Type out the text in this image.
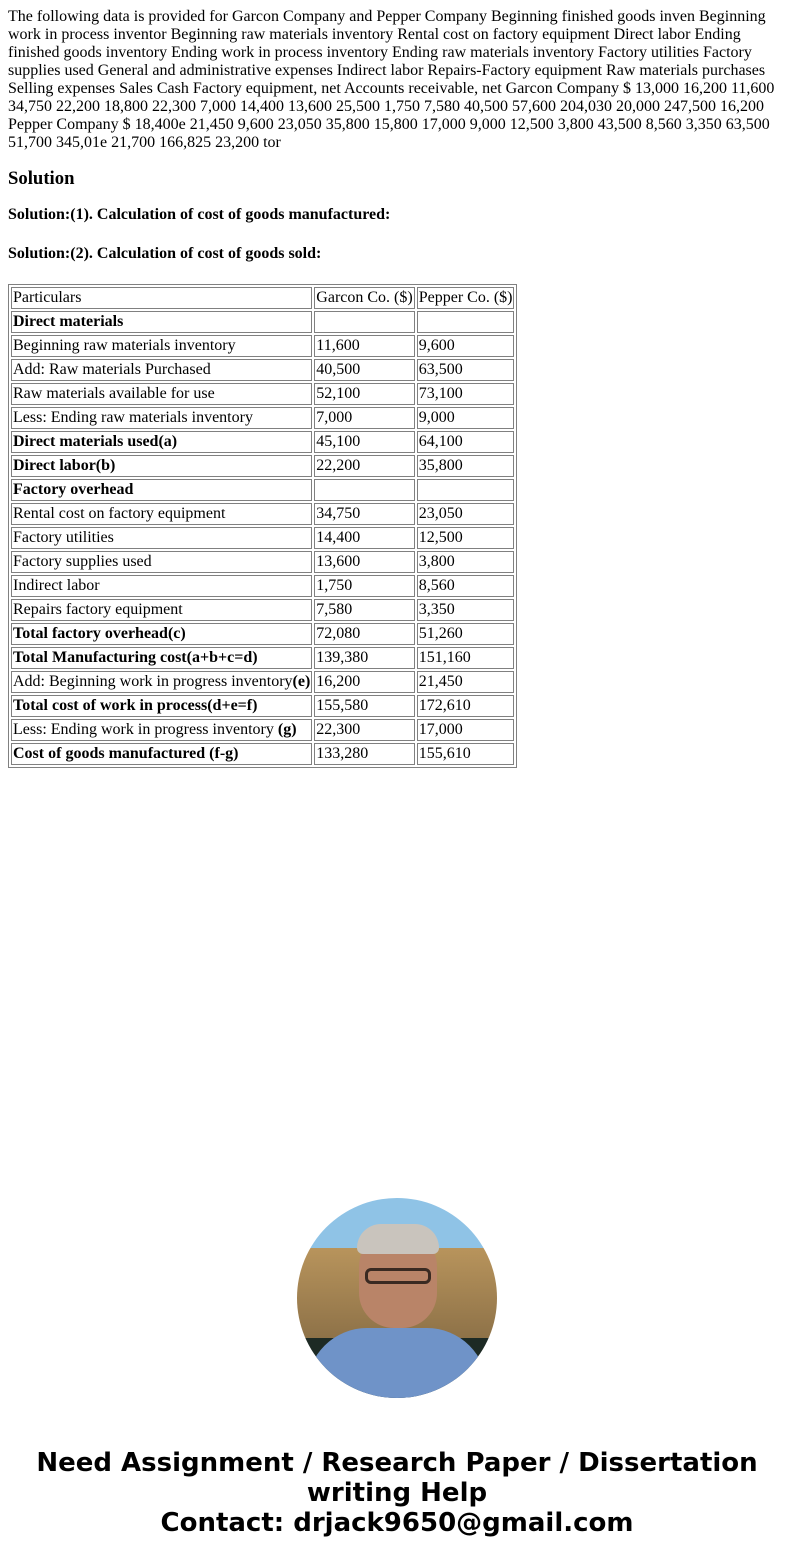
The following data is provided for Garcon Company and Pepper Company Beginning finished goods inven Beginning work in process inventor Beginning raw materials inventory Rental cost on factory equipment Direct labor Ending finished goods inventory Ending work in process inventory Ending raw materials inventory Factory utilities Factory supplies used General and administrative expenses Indirect labor Repairs-Factory equipment Raw materials purchases Selling expenses Sales Cash Factory equipment, net Accounts receivable, net Garcon Company $ 13,000 16,200 11,600 34,750 22,200 18,800 22,300 7,000 14,400 13,600 25,500 1,750 7,580 40,500 57,600 204,030 20,000 247,500 16,200 Pepper Company $ 18,400e 21,450 9,600 23,050 35,800 15,800 17,000 9,000 12,500 3,800 43,500 8,560 3,350 63,500 51,700 345,01e 21,700 166,825 23,200 tor

Solution
Solution:(1). Calculation of cost of goods manufactured:
Solution:(2). Calculation of cost of goods sold:
Particulars	Garcon Co. ($)	Pepper Co. ($)
Direct materials		
Beginning raw materials inventory	11,600	9,600
Add: Raw materials Purchased	40,500	63,500
Raw materials available for use	52,100	73,100
Less: Ending raw materials inventory	7,000	9,000
Direct materials used(a)	45,100	64,100
Direct labor(b)	22,200	35,800
Factory overhead		
Rental cost on factory equipment	34,750	23,050
Factory utilities	14,400	12,500
Factory supplies used	13,600	3,800
Indirect labor	1,750	8,560
Repairs factory equipment	7,580	3,350
Total factory overhead(c)	72,080	51,260
Total Manufacturing cost(a+b+c=d)	139,380	151,160
Add: Beginning work in progress inventory(e)	16,200	21,450
Total cost of work in process(d+e=f)	155,580	172,610
Less: Ending work in progress inventory (g)	22,300	17,000
Cost of goods manufactured (f-g)	133,280	155,610
Need Assignment / Research Paper / Dissertation writing Help
Contact: drjack9650@gmail.com
